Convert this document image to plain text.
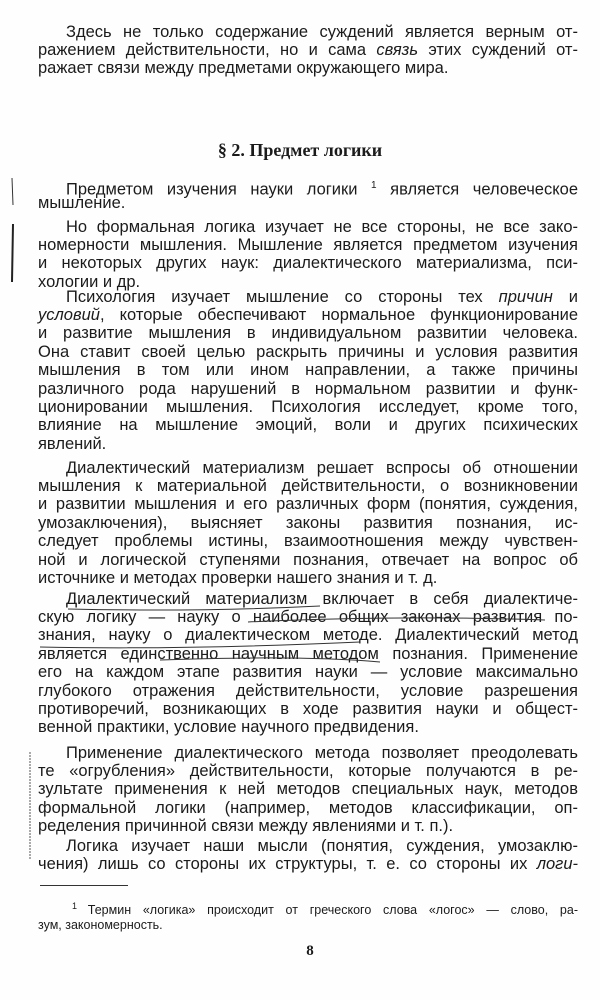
§ 2. Предмет логики
Здесь не только содержание суждений является верным от-
ражением действительности, но и сама связь этих суждений от-
ражает связи между предметами окружающего мира.
Предметом изучения науки логики $^1$ является человеческое
мышление.
Но формальная логика изучает не все стороны, не все зако-
номерности мышления. Мышление является предметом изучения
и некоторых других наук: диалектического материализма, пси-
хологии и др.
Психология изучает мышление со стороны тех причин и
условий, которые обеспечивают нормальное функционирование
и развитие мышления в индивидуальном развитии человека.
Она ставит своей целью раскрыть причины и условия развития
мышления в том или ином направлении, а также причины
различного рода нарушений в нормальном развитии и функ-
ционировании мышления. Психология исследует, кроме того,
влияние на мышление эмоций, воли и других психических
явлений.
Диалектический материализм решает вспросы об отношении
мышления к материальной действительности, о возникновении
и развитии мышления и его различных форм (понятия, суждения,
умозаключения), выясняет законы развития познания, ис-
следует проблемы истины, взаимоотношения между чувствен-
ной и логической ступенями познания, отвечает на вопрос об
источнике и методах проверки нашего знания и т. д.
Диалектический материализм включает в себя диалектиче-
скую логику — науку о наиболее общих законах развития по-
знания, науку о диалектическом методе. Диалектический метод
является единственно научным методом познания. Применение
его на каждом этапе развития науки — условие максимально
глубокого отражения действительности, условие разрешения
противоречий, возникающих в ходе развития науки и общест-
венной практики, условие научного предвидения.
Применение диалектического метода позволяет преодолевать
те «огрубления» действительности, которые получаются в ре-
зультате применения к ней методов специальных наук, методов
формальной логики (например, методов классификации, оп-
ределения причинной связи между явлениями и т. п.).
Логика изучает наши мысли (понятия, суждения, умозаклю-
чения) лишь со стороны их структуры, т. е. со стороны их логи-
$^1$ Термин «логика» происходит от греческого слова «логос» — слово, ра-
зум, закономерность.
8
